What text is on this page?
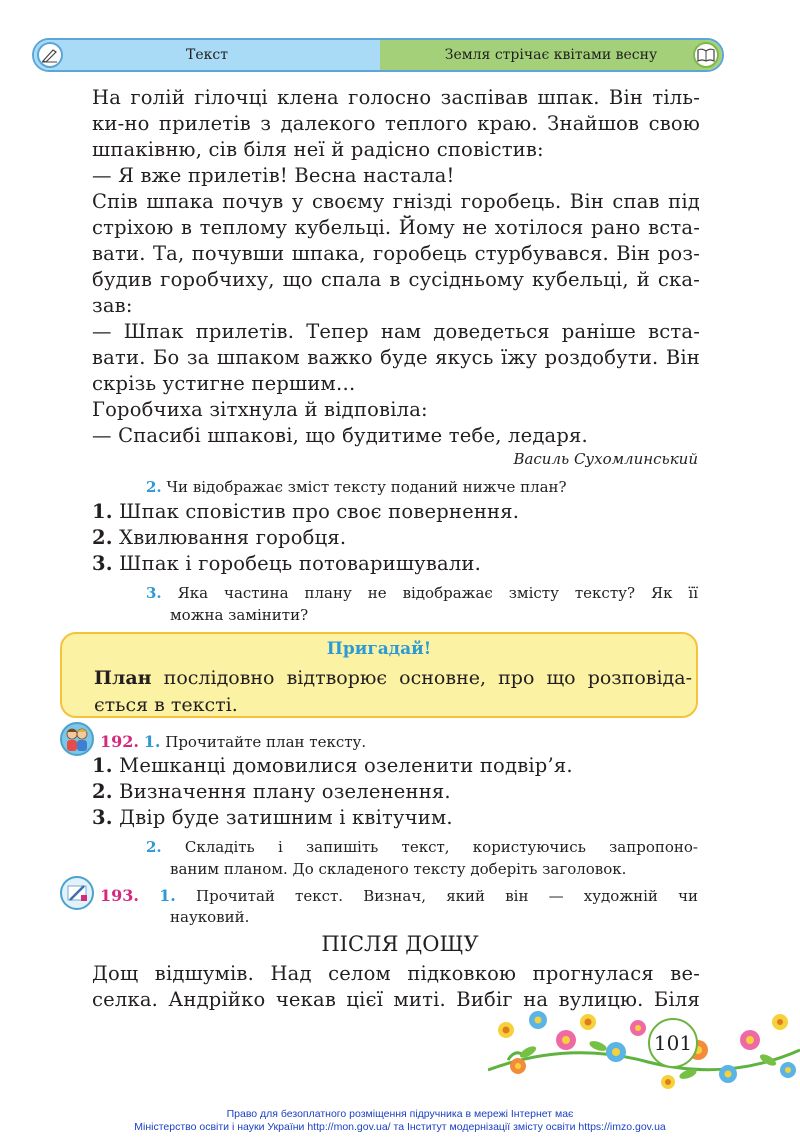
Текст	Земля стрічає квітами весну
На голій гілочці клена голосно заспівав шпак. Він тіль-
ки-но прилетів з далекого теплого краю. Знайшов свою
шпаківню, сів біля неї й радісно сповістив:
— Я вже прилетів! Весна настала!
Спів шпака почув у своєму гнізді горобець. Він спав під
стріхою в теплому кубельці. Йому не хотілося рано вста-
вати. Та, почувши шпака, горобець стурбувався. Він роз-
будив горобчиху, що спала в сусідньому кубельці, й ска-
зав:
— Шпак прилетів. Тепер нам доведеться раніше вста-
вати. Бо за шпаком важко буде якусь їжу роздобути. Він
скрізь устигне першим…
Горобчиха зітхнула й відповіла:
— Спасибі шпакові, що будитиме тебе, ледаря.
Василь Сухомлинський
2. Чи відображає зміст тексту поданий нижче план?
1. Шпак сповістив про своє повернення.
2. Хвилювання горобця.
3. Шпак і горобець потоваришували.
3. Яка частина плану не відображає змісту тексту? Як її
можна замінити?
Пригадай!
План послідовно відтворює основне, про що розповіда-
ється в тексті.
192. 1. Прочитайте план тексту.
1. Мешканці домовилися озеленити подвір’я.
2. Визначення плану озеленення.
3. Двір буде затишним і квітучим.
2. Складіть і запишіть текст, користуючись запропоно-
ваним планом. До складеного тексту доберіть заголовок.
193. 1. Прочитай текст. Визнач, який він — художній чи
науковий.
ПІСЛЯ ДОЩУ
Дощ відшумів. Над селом підковкою прогнулася ве-
селка. Андрійко чекав цієї миті. Вибіг на вулицю. Біля
101
Право для безоплатного розміщення підручника в мережі Інтернет має
Міністерство освіти і науки України http://mon.gov.ua/ та Інститут модернізації змісту освіти https://imzo.gov.ua
